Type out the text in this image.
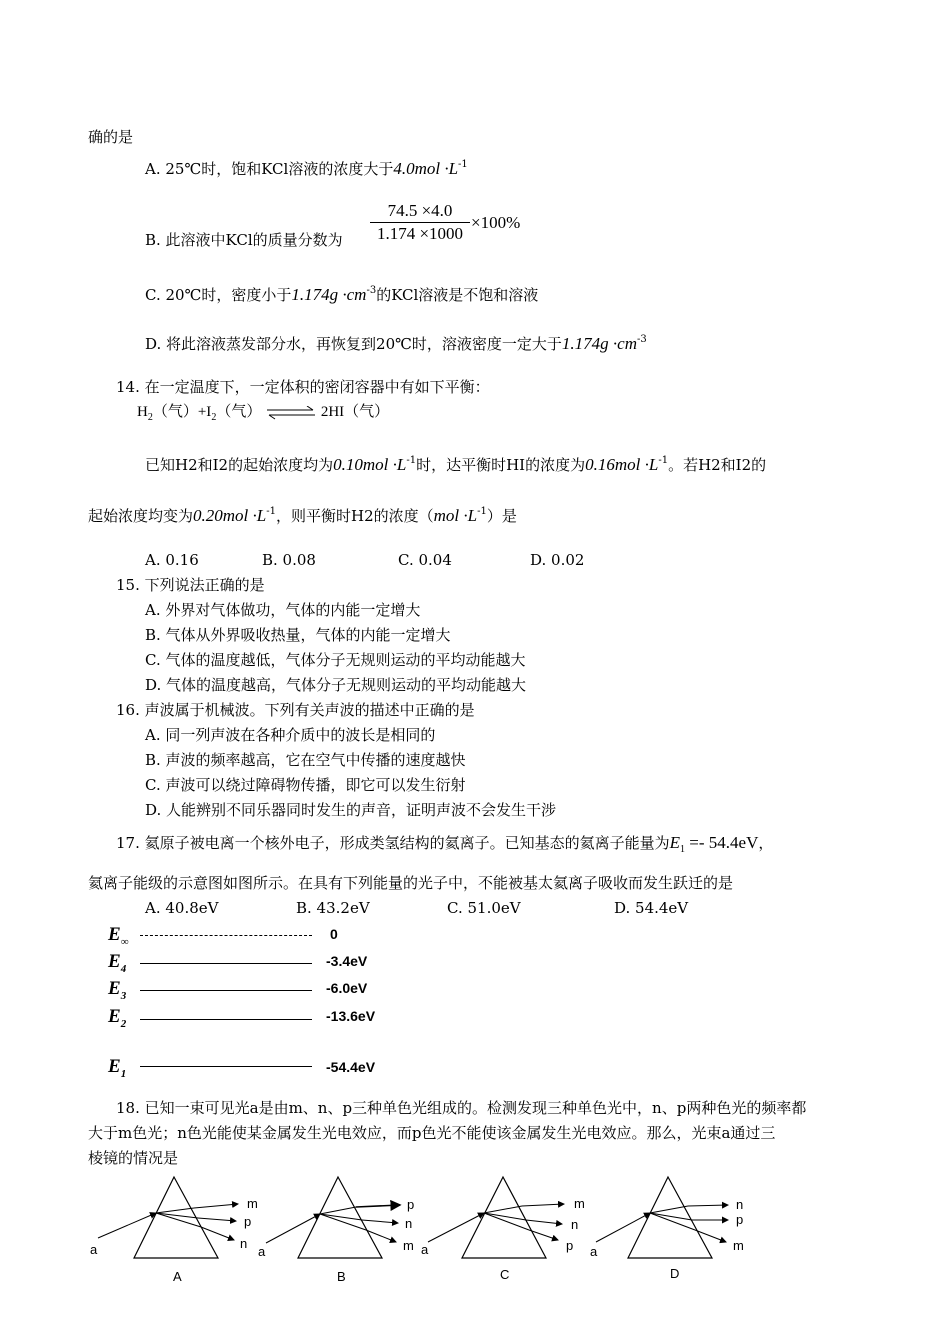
确的是
A. 25℃时，饱和KCl溶液的浓度大于$4.0mol \cdot L^{-1}$
B. 此溶液中KCl的质量分数为
74.5 ×4.0
1.174 ×1000
×100%
C. 20℃时，密度小于$1.174g \cdot cm^{-3}$的KCl溶液是不饱和溶液
D. 将此溶液蒸发部分水，再恢复到20℃时，溶液密度一定大于$1.174g \cdot cm^{-3}$
14. 在一定温度下，一定体积的密闭容器中有如下平衡：
$H_2$（气）$+I_2$（气） ⇌ 2HI（气）
已知H2和I2的起始浓度均为$0.10mol \cdot L^{-1}$时，达平衡时HI的浓度为$0.16mol \cdot L^{-1}$。若H2和I2的
起始浓度均变为$0.20mol \cdot L^{-1}$，则平衡时H2的浓度$(mol \cdot L^{-1})$是
A. 0.16	B. 0.08	C. 0.04	D. 0.02
15. 下列说法正确的是
A. 外界对气体做功，气体的内能一定增大
B. 气体从外界吸收热量，气体的内能一定增大
C. 气体的温度越低，气体分子无规则运动的平均动能越大
D. 气体的温度越高，气体分子无规则运动的平均动能越大
16. 声波属于机械波。下列有关声波的描述中正确的是
A. 同一列声波在各种介质中的波长是相同的
B. 声波的频率越高，它在空气中传播的速度越快
C. 声波可以绕过障碍物传播，即它可以发生衍射
D. 人能辨别不同乐器同时发生的声音，证明声波不会发生干涉
17. 氦原子被电离一个核外电子，形成类氢结构的氦离子。已知基态的氦离子能量为$E_1 =- 54.4eV$，
氦离子能级的示意图如图所示。在具有下列能量的光子中，不能被基太氦离子吸收而发生跃迁的是
A. 40.8eV	B. 43.2eV	C. 51.0eV	D. 54.4eV
$E_\infty$	0
$E_4$	-3.4eV
$E_3$	-6.0eV
$E_2$	-13.6eV
$E_1$	-54.4eV
18. 已知一束可见光a是由m、n、p三种单色光组成的。检测发现三种单色光中，n、p两种色光的频率都
大于m色光；n色光能使某金属发生光电效应，而p色光不能使该金属发生光电效应。那么，光束a通过三
棱镜的情况是
a
m
p
n
A
a
p
n
m
B
a
m
n
p
C
a
n
p
m
D
